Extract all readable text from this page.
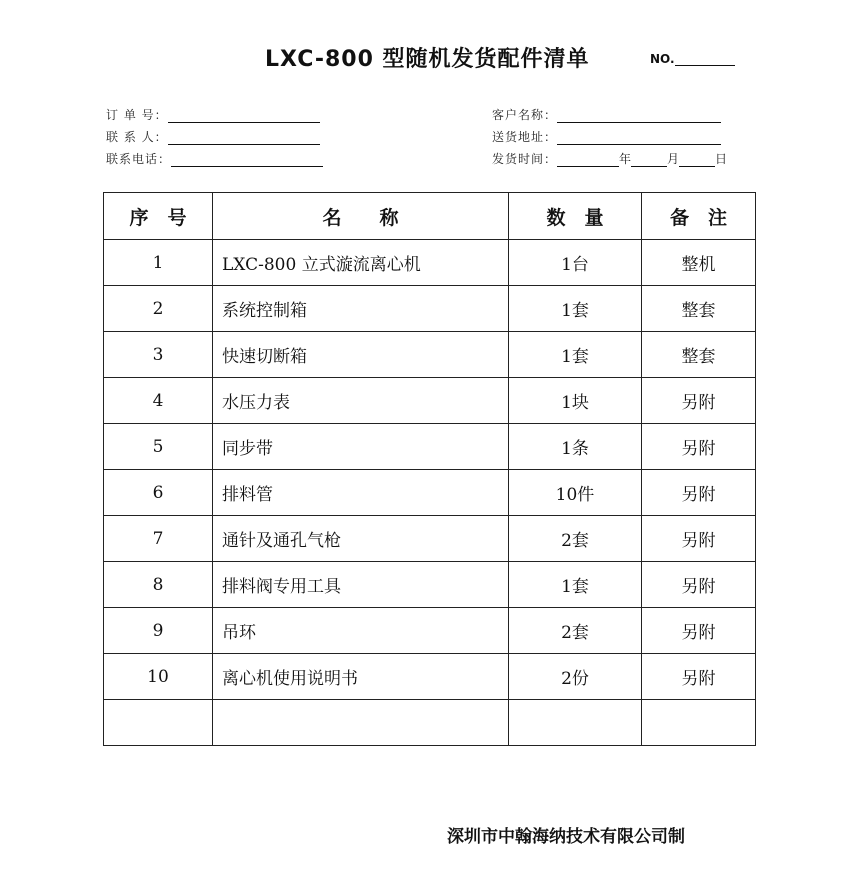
LXC-800 型随机发货配件清单	NO.
订 单 号：
联 系 人：
联系电话：
客户名称：
送货地址：
发货时间：	年	月	日
序　号	名　　称	数　量	备　注
1	LXC-800 立式漩流离心机	1台	整机
2	系统控制箱	1套	整套
3	快速切断箱	1套	整套
4	水压力表	1块	另附
5	同步带	1条	另附
6	排料管	10件	另附
7	通针及通孔气枪	2套	另附
8	排料阀专用工具	1套	另附
9	吊环	2套	另附
10	离心机使用说明书	2份	另附

深圳市中翰海纳技术有限公司制
